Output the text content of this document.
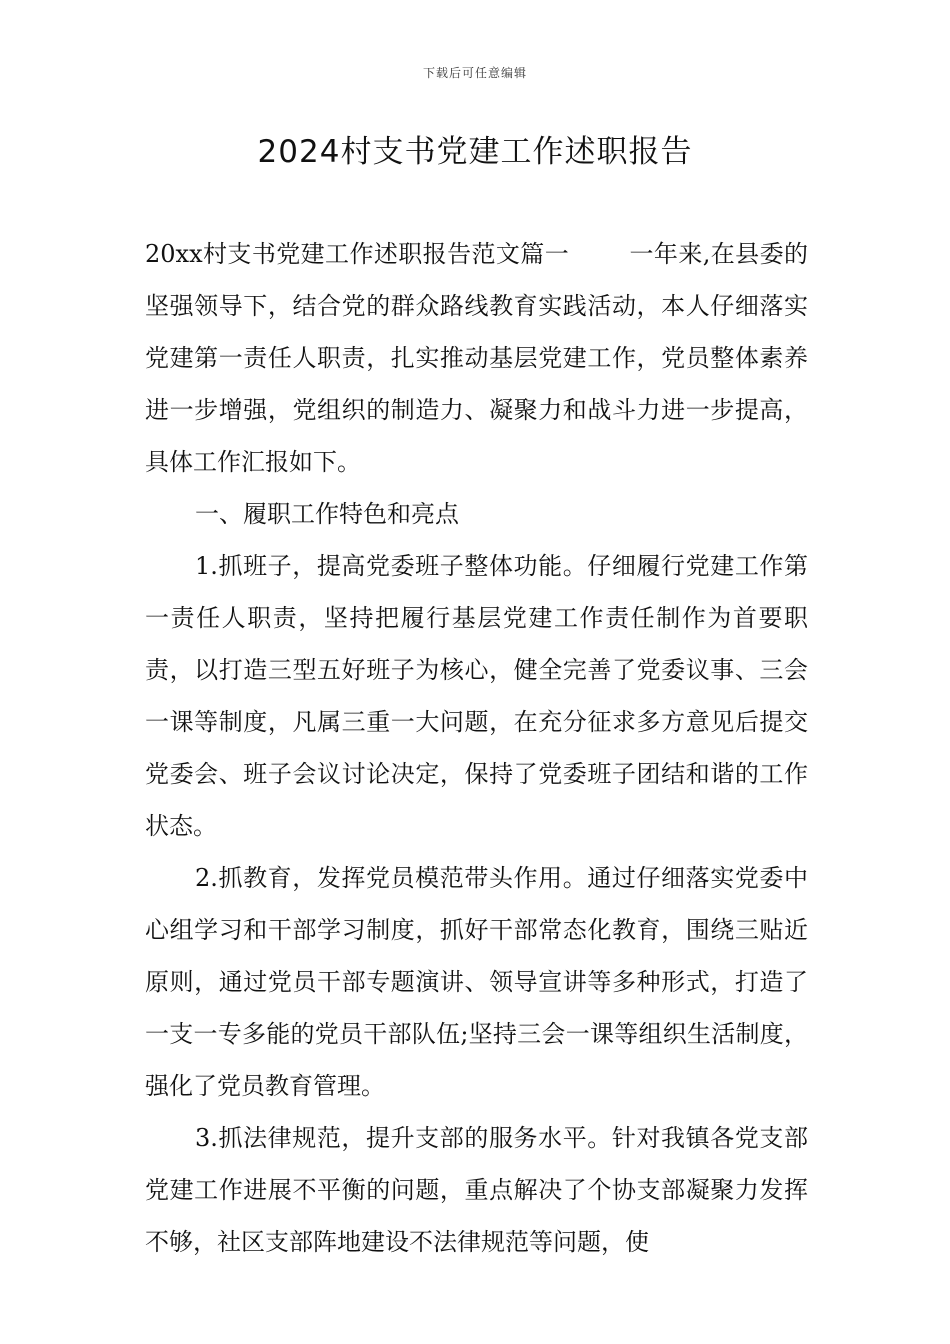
下载后可任意编辑
2024村支书党建工作述职报告

20xx村支书党建工作述职报告范文篇一	一年来,在县委的坚强领导下，结合党的群众路线教育实践活动，本人仔细落实党建第一责任人职责，扎实推动基层党建工作，党员整体素养进一步增强，党组织的制造力、凝聚力和战斗力进一步提高，具体工作汇报如下。

一、履职工作特色和亮点

1.抓班子，提高党委班子整体功能。仔细履行党建工作第一责任人职责，坚持把履行基层党建工作责任制作为首要职责，以打造三型五好班子为核心，健全完善了党委议事、三会一课等制度，凡属三重一大问题，在充分征求多方意见后提交党委会、班子会议讨论决定，保持了党委班子团结和谐的工作状态。

2.抓教育，发挥党员模范带头作用。通过仔细落实党委中心组学习和干部学习制度，抓好干部常态化教育，围绕三贴近原则，通过党员干部专题演讲、领导宣讲等多种形式，打造了一支一专多能的党员干部队伍;坚持三会一课等组织生活制度，强化了党员教育管理。

3.抓法律规范，提升支部的服务水平。针对我镇各党支部党建工作进展不平衡的问题，重点解决了个协支部凝聚力发挥不够，社区支部阵地建设不法律规范等问题，使
